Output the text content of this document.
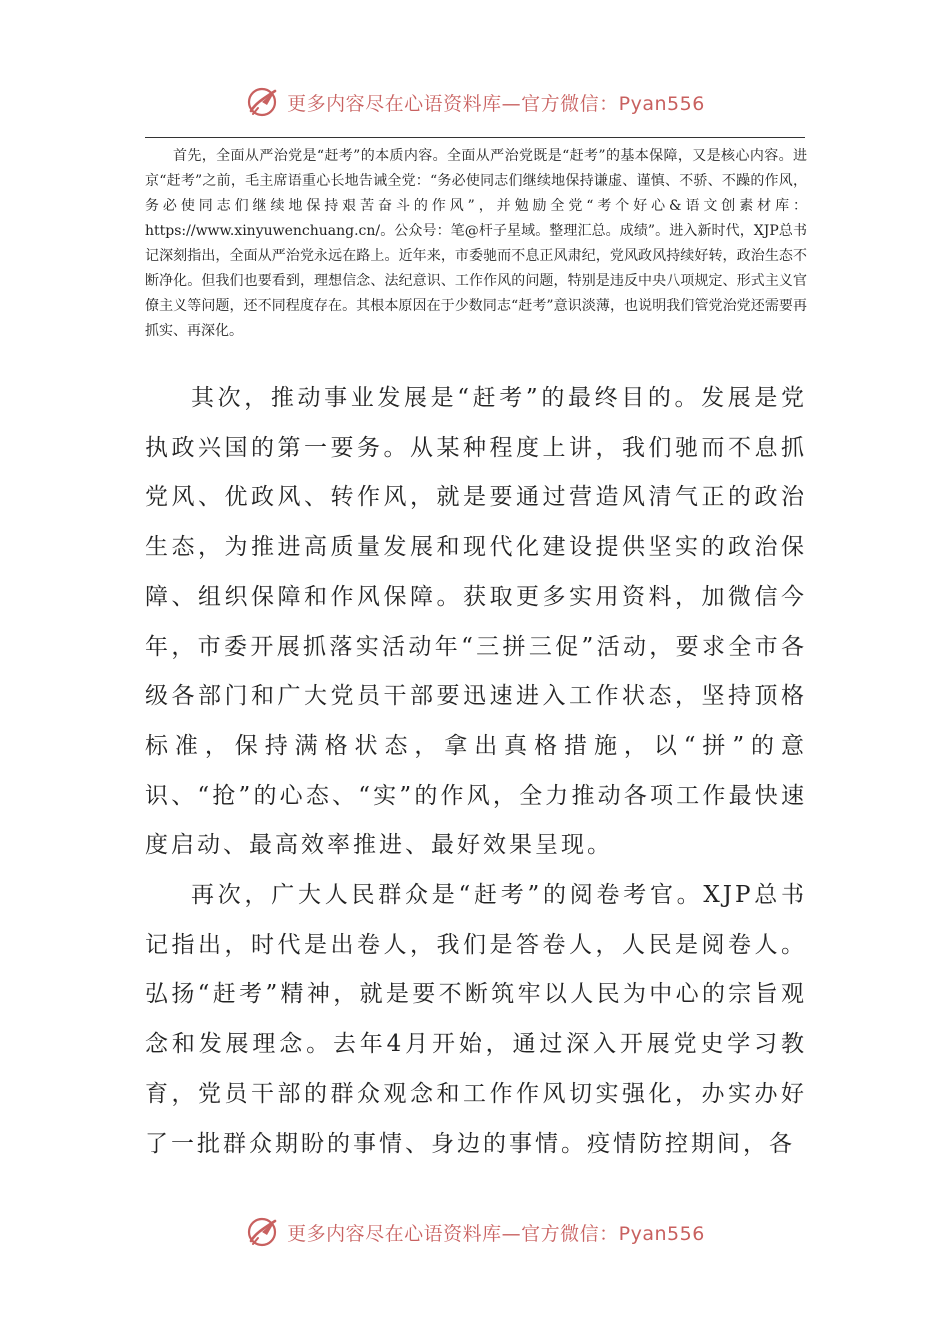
更多内容尽在心语资料库—官方微信：Pyan556

首先，全面从严治党是“赶考”的本质内容。全面从严治党既是“赶考”的基本保障，又是核心内容。进京“赶考”之前，毛主席语重心长地告诫全党：“务必使同志们继续地保持谦虚、谨慎、不骄、不躁的作风，务必使同志们继续地保持艰苦奋斗的作风”，并勉励全党“考个好心&语文创素材库：https://www.xinyuwenchuang.cn/。公众号：笔@杆子星域。整理汇总。成绩”。进入新时代，XJP总书记深刻指出，全面从严治党永远在路上。近年来，市委驰而不息正风肃纪，党风政风持续好转，政治生态不断净化。但我们也要看到，理想信念、法纪意识、工作作风的问题，特别是违反中央八项规定、形式主义官僚主义等问题，还不同程度存在。其根本原因在于少数同志“赶考”意识淡薄，也说明我们管党治党还需要再抓实、再深化。

其次，推动事业发展是“赶考”的最终目的。发展是党执政兴国的第一要务。从某种程度上讲，我们驰而不息抓党风、优政风、转作风，就是要通过营造风清气正的政治生态，为推进高质量发展和现代化建设提供坚实的政治保障、组织保障和作风保障。获取更多实用资料，加微信今年，市委开展抓落实活动年“三拼三促”活动，要求全市各级各部门和广大党员干部要迅速进入工作状态，坚持顶格标准，保持满格状态，拿出真格措施，以“拼”的意识、“抢”的心态、“实”的作风，全力推动各项工作最快速度启动、最高效率推进、最好效果呈现。

再次，广大人民群众是“赶考”的阅卷考官。XJP总书记指出，时代是出卷人，我们是答卷人，人民是阅卷人。弘扬“赶考”精神，就是要不断筑牢以人民为中心的宗旨观念和发展理念。去年4月开始，通过深入开展党史学习教育，党员干部的群众观念和工作作风切实强化，办实办好了一批群众期盼的事情、身边的事情。疫情防控期间，各

更多内容尽在心语资料库—官方微信：Pyan556
